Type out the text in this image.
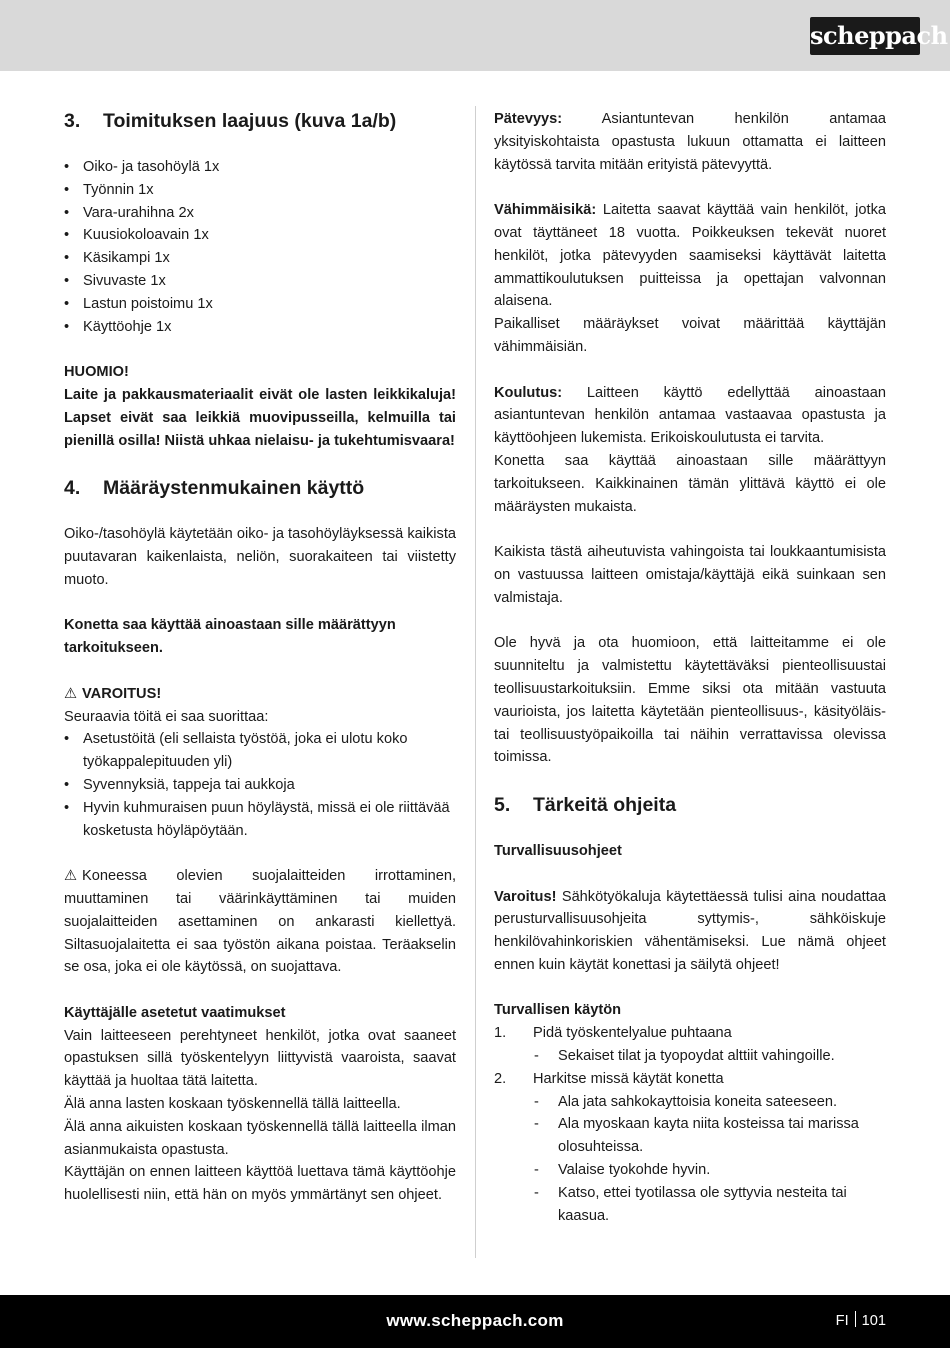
scheppach
3. Toimituksen laajuus (kuva 1a/b)
• Oiko- ja tasohöylä 1x
• Työnnin 1x
• Vara-urahihna 2x
• Kuusiokoloavain 1x
• Käsikampi 1x
• Sivuvaste 1x
• Lastun poistoimu 1x
• Käyttöohje 1x

HUOMIO!

Laite ja pakkausmateriaalit eivät ole lasten leikkikaluja! Lapset eivät saa leikkiä muovipusseilla, kelmuilla tai pienillä osilla! Niistä uhkaa nielaisu- ja tukehtumisvaara!

4. Määräystenmukainen käyttö

Oiko-/tasohöylä käytetään oiko- ja tasohöyläyksessä kaikista puutavaran kaikenlaista, neliön, suorakaiteen tai viistetty muoto.

Konetta saa käyttää ainoastaan sille määrättyyn tarkoitukseen.

⚠ VAROITUS!

Seuraavia töitä ei saa suorittaa:

• Asetustöitä (eli sellaista työstöä, joka ei ulotu koko työkappalepituuden yli)
• Syvennyksiä, tappeja tai aukkoja
• Hyvin kuhmuraisen puun höyläystä, missä ei ole riittävää kosketusta höyläpöytään.

⚠ Koneessa olevien suojalaitteiden irrottaminen, muuttaminen tai väärinkäyttäminen tai muiden suojalaitteiden asettaminen on ankarasti kiellettyä. Siltasuojalaitetta ei saa työstön aikana poistaa. Teräakselin se osa, joka ei ole käytössä, on suojattava.

Käyttäjälle asetetut vaatimukset

Vain laitteeseen perehtyneet henkilöt, jotka ovat saaneet opastuksen sillä työskentelyyn liittyvistä vaaroista, saavat käyttää ja huoltaa tätä laitetta.

Älä anna lasten koskaan työskennellä tällä laitteella.

Älä anna aikuisten koskaan työskennellä tällä laitteella ilman asianmukaista opastusta.

Käyttäjän on ennen laitteen käyttöä luettava tämä käyttöohje huolellisesti niin, että hän on myös ymmärtänyt sen ohjeet.

Pätevyys: Asiantuntevan henkilön antamaa yksityiskohtaista opastusta lukuun ottamatta ei laitteen käytössä tarvita mitään erityistä pätevyyttä.

Vähimmäisikä: Laitetta saavat käyttää vain henkilöt, jotka ovat täyttäneet 18 vuotta. Poikkeuksen tekevät nuoret henkilöt, jotka pätevyyden saamiseksi käyttävät laitetta ammattikoulutuksen puitteissa ja opettajan valvonnan alaisena.

Paikalliset määräykset voivat määrittää käyttäjän vähimmäisiän.

Koulutus: Laitteen käyttö edellyttää ainoastaan asiantuntevan henkilön antamaa vastaavaa opastusta ja käyttöohjeen lukemista. Erikoiskoulutusta ei tarvita.

Konetta saa käyttää ainoastaan sille määrättyyn tarkoitukseen. Kaikkinainen tämän ylittävä käyttö ei ole määräysten mukaista.

Kaikista tästä aiheutuvista vahingoista tai loukkaantumisista on vastuussa laitteen omistaja/käyttäjä eikä suinkaan sen valmistaja.

Ole hyvä ja ota huomioon, että laitteitamme ei ole suunniteltu ja valmistettu käytettäväksi pienteollisuustai teollisuustarkoituksiin. Emme siksi ota mitään vastuuta vaurioista, jos laitetta käytetään pienteollisuus-, käsityöläis- tai teollisuustyöpaikoilla tai näihin verrattavissa olevissa toimissa.

5. Tärkeitä ohjeita

Turvallisuusohjeet

Varoitus! Sähkötyökaluja käytettäessä tulisi aina noudattaa perusturvallisuusohjeita syttymis-, sähköiskuje henkilövahinkoriskien vähentämiseksi. Lue nämä ohjeet ennen kuin käytät konettasi ja säilytä ohjeet!

Turvallisen käytön

1. Pidä työskentelyalue puhtaana
- Sekaiset tilat ja tyopoydat alttiit vahingoille.
2. Harkitse missä käytät konetta
- Ala jata sahkokayttoisia koneita sateeseen.
- Ala myoskaan kayta niita kosteissa tai marissa olosuhteissa.
- Valaise tyokohde hyvin.
- Katso, ettei tyotilassa ole syttyvia nesteita tai kaasua.
www.scheppach.com	FI 101
